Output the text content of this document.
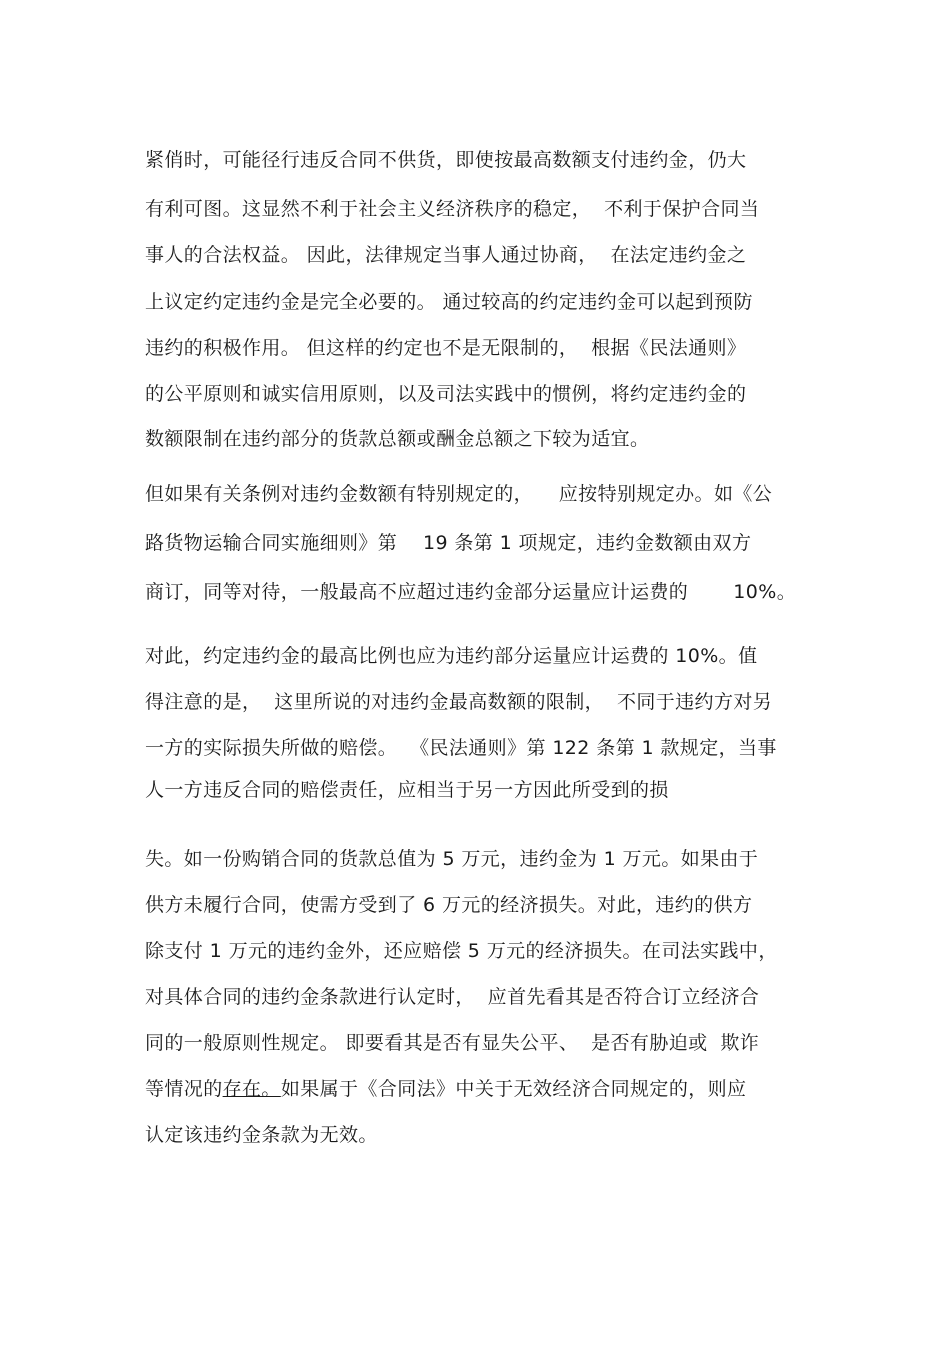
紧俏时，可能径行违反合同不供货，即使按最高数额支付违约金，仍大
有利可图。这显然不利于社会主义经济秩序的稳定，  不利于保护合同当
事人的合法权益。 因此，法律规定当事人通过协商，  在法定违约金之
上议定约定违约金是完全必要的。 通过较高的约定违约金可以起到预防
违约的积极作用。 但这样的约定也不是无限制的，  根据《民法通则》
的公平原则和诚实信用原则，以及司法实践中的惯例，将约定违约金的
数额限制在违约部分的货款总额或酬金总额之下较为适宜。
但如果有关条例对违约金数额有特别规定的，    应按特别规定办。如《公
路货物运输合同实施细则》第    19 条第 1 项规定，违约金数额由双方
商订，同等对待，一般最高不应超过违约金部分运量应计运费的       10%。
对此，约定违约金的最高比例也应为违约部分运量应计运费的 10%。值
得注意的是，  这里所说的对违约金最高数额的限制，  不同于违约方对另
一方的实际损失所做的赔偿。  《民法通则》第 122 条第 1 款规定，当事
人一方违反合同的赔偿责任，应相当于另一方因此所受到的损
失。如一份购销合同的货款总值为 5 万元，违约金为 1 万元。如果由于
供方未履行合同，使需方受到了 6 万元的经济损失。对此，违约的供方
除支付 1 万元的违约金外，还应赔偿 5 万元的经济损失。在司法实践中，
对具体合同的违约金条款进行认定时，  应首先看其是否符合订立经济合
同的一般原则性规定。 即要看其是否有显失公平、  是否有胁迫或  欺诈
等情况的存在。如果属于《合同法》中关于无效经济合同规定的，则应
认定该违约金条款为无效。
